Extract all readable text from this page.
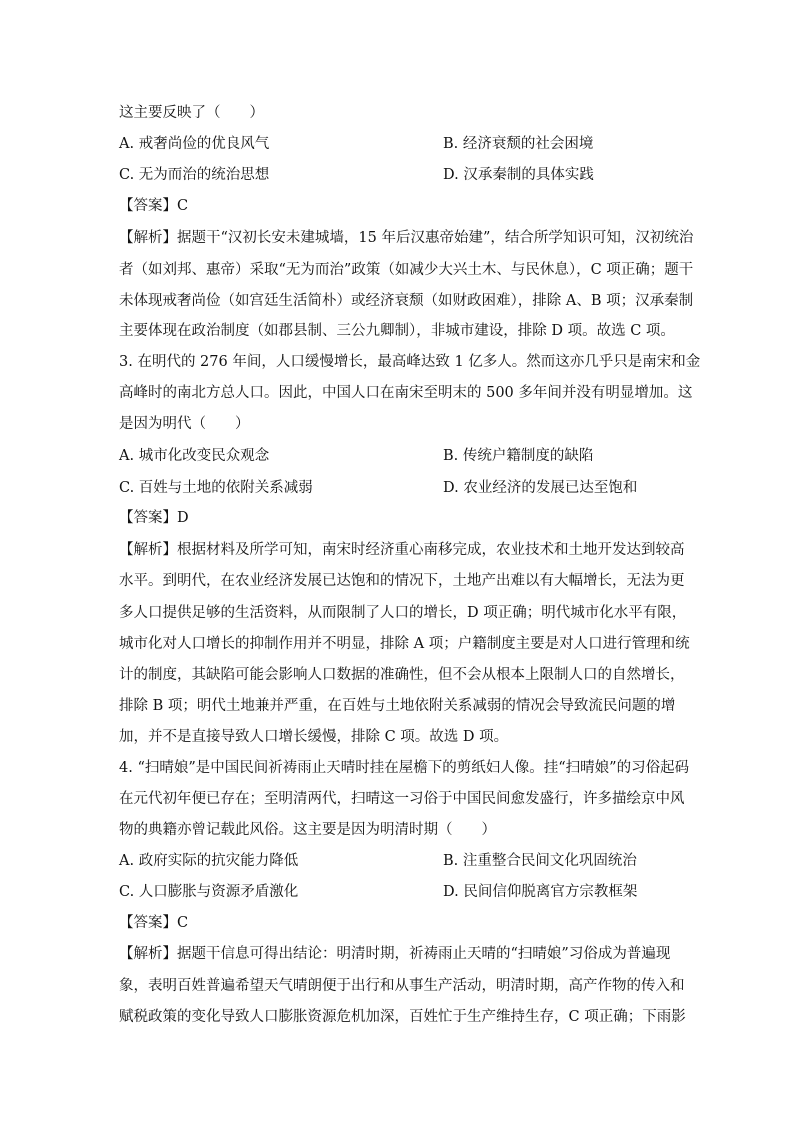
这主要反映了（　　）
A. 戒奢尚俭的优良风气	B. 经济衰颓的社会困境
C. 无为而治的统治思想	D. 汉承秦制的具体实践
【答案】C
【解析】据题干“汉初长安未建城墙，15 年后汉惠帝始建”，结合所学知识可知，汉初统治
者（如刘邦、惠帝）采取“无为而治”政策（如减少大兴土木、与民休息），C 项正确；题干
未体现戒奢尚俭（如宫廷生活简朴）或经济衰颓（如财政困难），排除 A、B 项；汉承秦制
主要体现在政治制度（如郡县制、三公九卿制），非城市建设，排除 D 项。故选 C 项。
3. 在明代的 276 年间，人口缓慢增长，最高峰达致 1 亿多人。然而这亦几乎只是南宋和金
高峰时的南北方总人口。因此，中国人口在南宋至明末的 500 多年间并没有明显增加。这
是因为明代（　　）
A. 城市化改变民众观念	B. 传统户籍制度的缺陷
C. 百姓与土地的依附关系减弱	D. 农业经济的发展已达至饱和
【答案】D
【解析】根据材料及所学可知，南宋时经济重心南移完成，农业技术和土地开发达到较高
水平。到明代，在农业经济发展已达饱和的情况下，土地产出难以有大幅增长，无法为更
多人口提供足够的生活资料，从而限制了人口的增长，D 项正确；明代城市化水平有限，
城市化对人口增长的抑制作用并不明显，排除 A 项；户籍制度主要是对人口进行管理和统
计的制度，其缺陷可能会影响人口数据的准确性，但不会从根本上限制人口的自然增长，
排除 B 项；明代土地兼并严重，在百姓与土地依附关系减弱的情况会导致流民问题的增
加，并不是直接导致人口增长缓慢，排除 C 项。故选 D 项。
4. “扫晴娘”是中国民间祈祷雨止天晴时挂在屋檐下的剪纸妇人像。挂“扫晴娘”的习俗起码
在元代初年便已存在；至明清两代，扫晴这一习俗于中国民间愈发盛行，许多描绘京中风
物的典籍亦曾记载此风俗。这主要是因为明清时期（　　）
A. 政府实际的抗灾能力降低	B. 注重整合民间文化巩固统治
C. 人口膨胀与资源矛盾激化	D. 民间信仰脱离官方宗教框架
【答案】C
【解析】据题干信息可得出结论：明清时期，祈祷雨止天晴的“扫晴娘”习俗成为普遍现
象，表明百姓普遍希望天气晴朗便于出行和从事生产活动，明清时期，高产作物的传入和
赋税政策的变化导致人口膨胀资源危机加深，百姓忙于生产维持生存，C 项正确；下雨影
